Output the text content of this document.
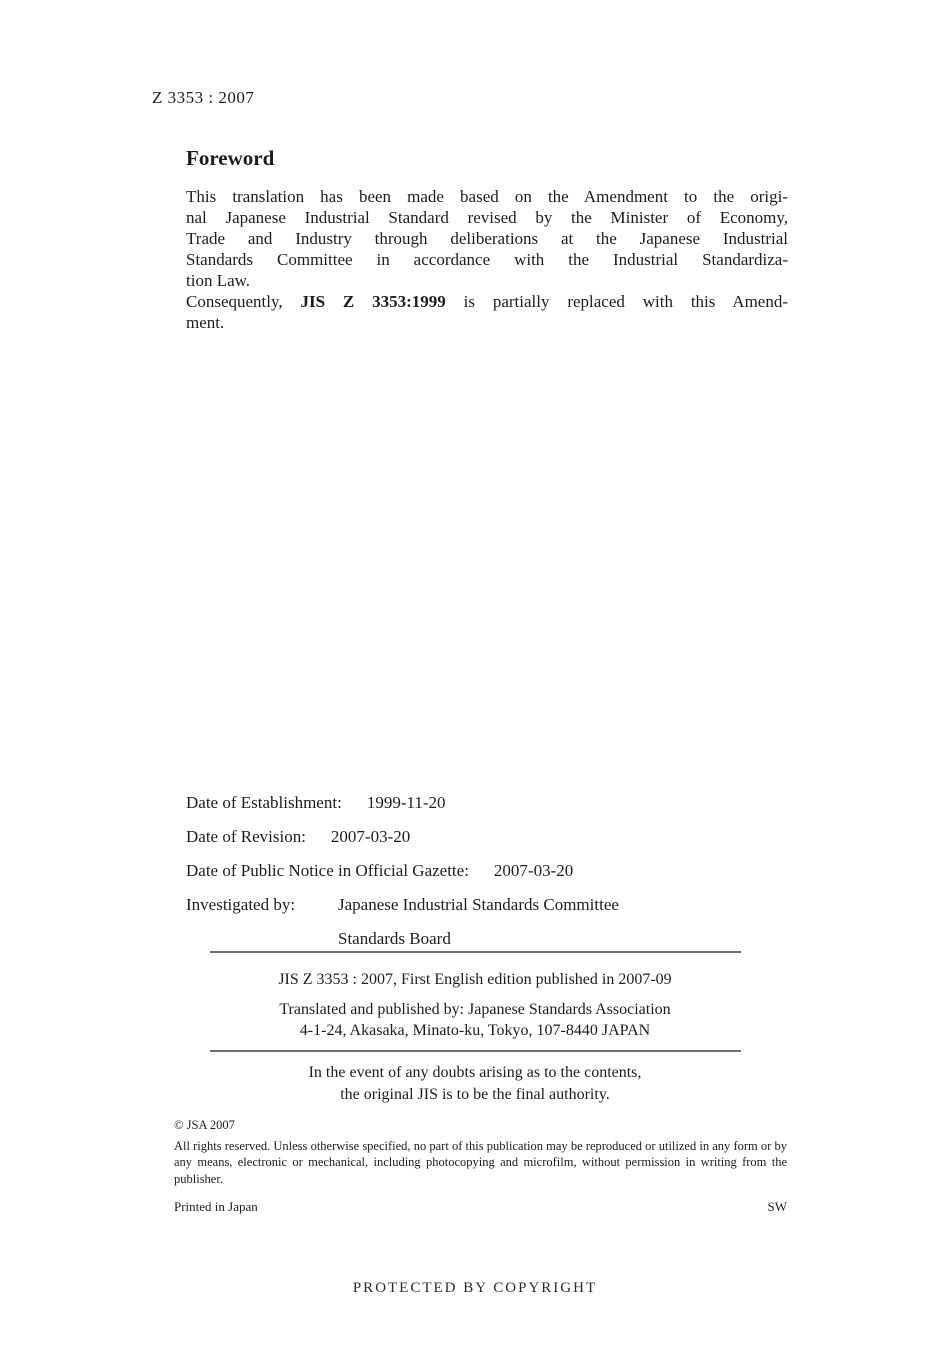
Z 3353 : 2007
Foreword
This translation has been made based on the Amendment to the origi-
nal Japanese Industrial Standard revised by the Minister of Economy,
Trade and Industry through deliberations at the Japanese Industrial
Standards Committee in accordance with the Industrial Standardiza-
tion Law.
Consequently, JIS Z 3353:1999 is partially replaced with this Amend-
ment.
Date of Establishment: 1999-11-20
Date of Revision: 2007-03-20
Date of Public Notice in Official Gazette: 2007-03-20
Investigated by:	Japanese Industrial Standards Committee
Standards Board
JIS Z 3353 : 2007, First English edition published in 2007-09
Translated and published by: Japanese Standards Association
4-1-24, Akasaka, Minato-ku, Tokyo, 107-8440 JAPAN
In the event of any doubts arising as to the contents,
the original JIS is to be the final authority.
© JSA 2007

All rights reserved. Unless otherwise specified, no part of this publication may be reproduced or utilized in any form or by any means, electronic or mechanical, including photocopying and microfilm, without permission in writing from the publisher.

Printed in Japan	SW
PROTECTED BY COPYRIGHT
